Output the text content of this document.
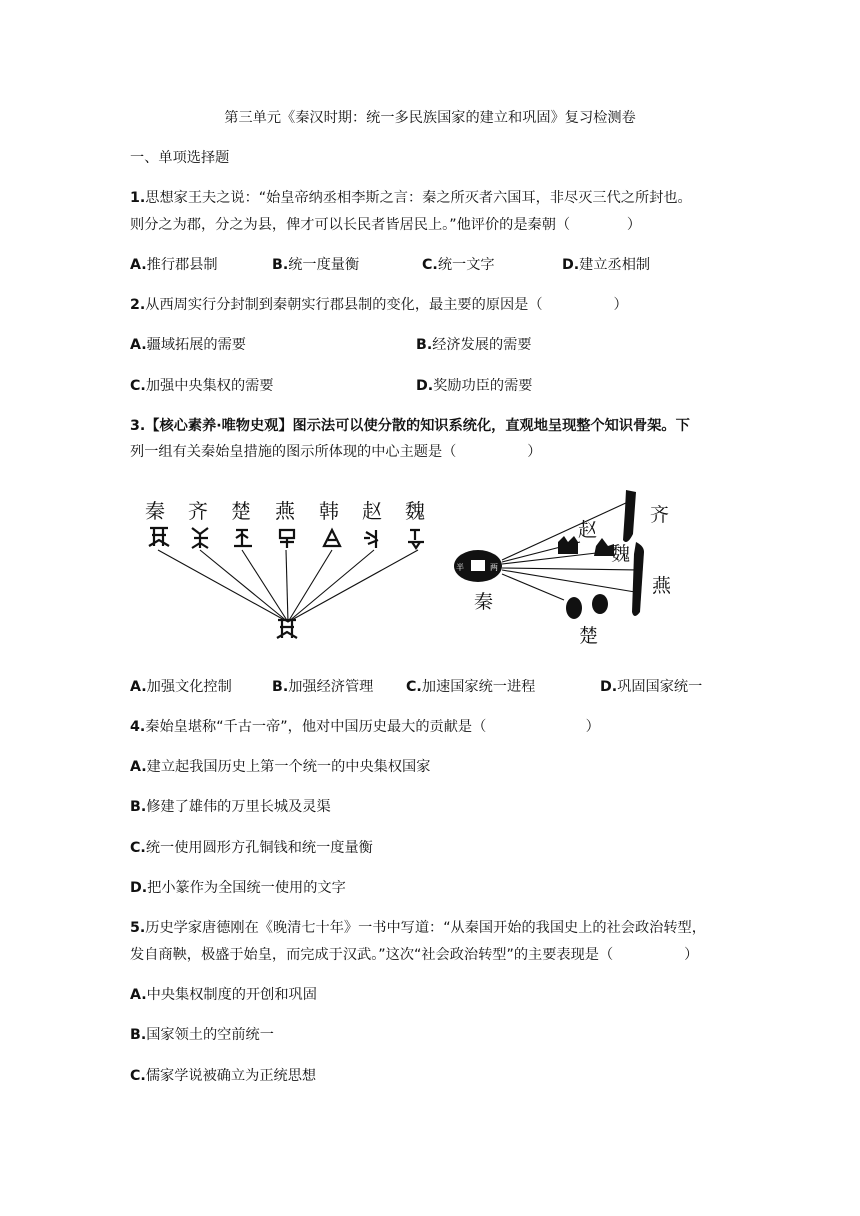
第三单元《秦汉时期：统一多民族国家的建立和巩固》复习检测卷
一、单项选择题
1.思想家王夫之说：“始皇帝纳丞相李斯之言：秦之所灭者六国耳，非尽灭三代之所封也。
则分之为郡，分之为县，俾才可以长民者皆居民上。”他评价的是秦朝（　　　　）
A.推行郡县制	B.统一度量衡	C.统一文字	D.建立丞相制
2.从西周实行分封制到秦朝实行郡县制的变化，最主要的原因是（　　　　　）
A.疆域拓展的需要	B.经济发展的需要
C.加强中央集权的需要	D.奖励功臣的需要
3.【核心素养·唯物史观】图示法可以使分散的知识系统化，直观地呈现整个知识骨架。下
列一组有关秦始皇措施的图示所体现的中心主题是（　　　　　）
秦 齐 楚 燕 韩 赵 魏
半	两
秦
齐
赵
魏
燕
楚
A.加强文化控制	B.加强经济管理 C.加速国家统一进程	D.巩固国家统一
4.秦始皇堪称“千古一帝”，他对中国历史最大的贡献是（　　　　　　　）
A.建立起我国历史上第一个统一的中央集权国家
B.修建了雄伟的万里长城及灵渠
C.统一使用圆形方孔铜钱和统一度量衡
D.把小篆作为全国统一使用的文字
5.历史学家唐德刚在《晚清七十年》一书中写道：“从秦国开始的我国史上的社会政治转型，
发自商鞅，极盛于始皇，而完成于汉武。”这次“社会政治转型”的主要表现是（　　　　　）
A.中央集权制度的开创和巩固
B.国家领土的空前统一
C.儒家学说被确立为正统思想
